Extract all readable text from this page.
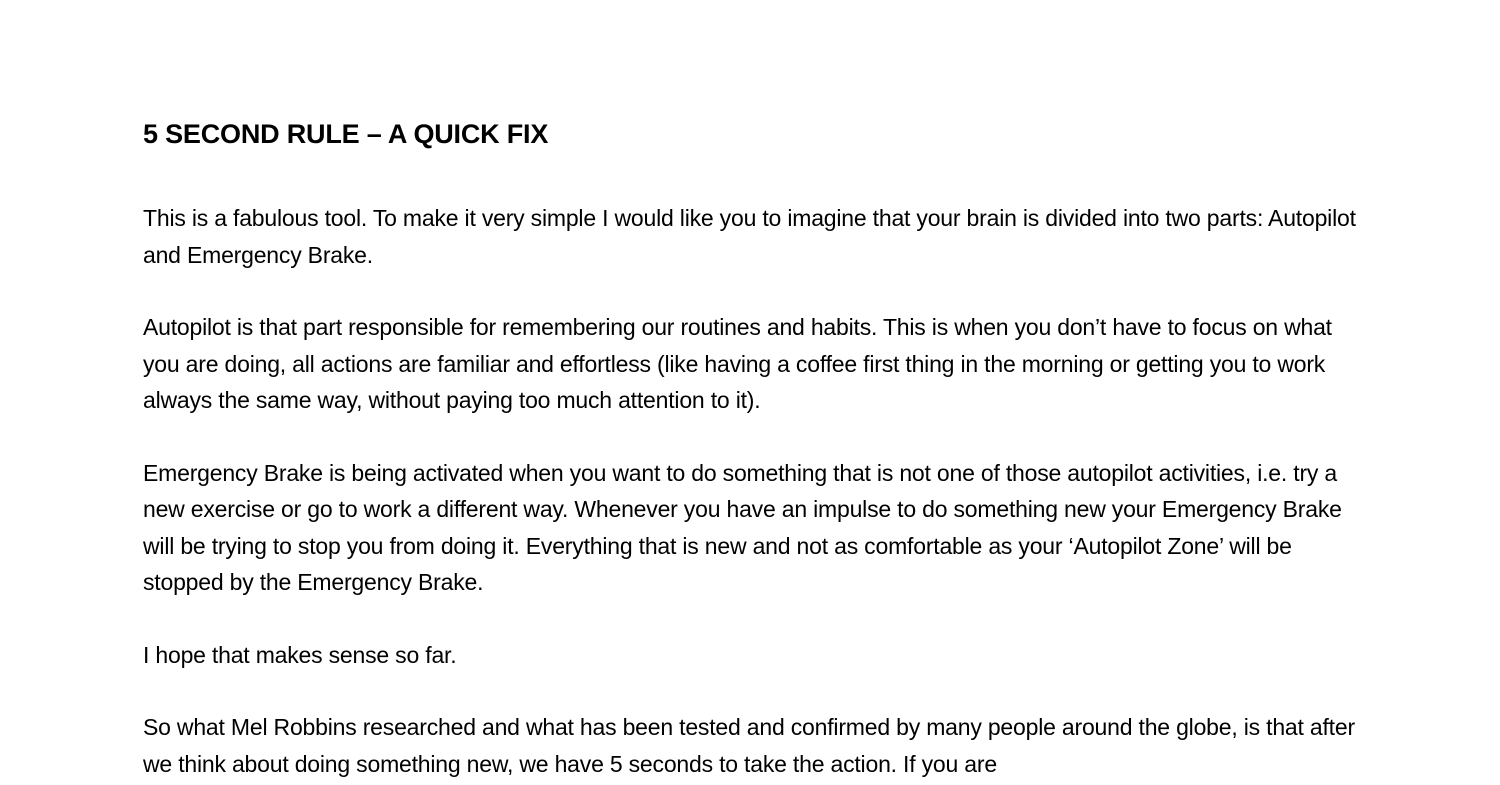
5 SECOND RULE – A QUICK FIX

This is a fabulous tool. To make it very simple I would like you to imagine that your brain is divided into two parts: Autopilot and Emergency Brake.

Autopilot is that part responsible for remembering our routines and habits. This is when you don’t have to focus on what you are doing, all actions are familiar and effortless (like having a coffee first thing in the morning or getting you to work always the same way, without paying too much attention to it).

Emergency Brake is being activated when you want to do something that is not one of those autopilot activities, i.e. try a new exercise or go to work a different way. Whenever you have an impulse to do something new your Emergency Brake will be trying to stop you from doing it. Everything that is new and not as comfortable as your ‘Autopilot Zone’ will be stopped by the Emergency Brake.

I hope that makes sense so far.

So what Mel Robbins researched and what has been tested and confirmed by many people around the globe, is that after we think about doing something new, we have 5 seconds to take the action. If you are
